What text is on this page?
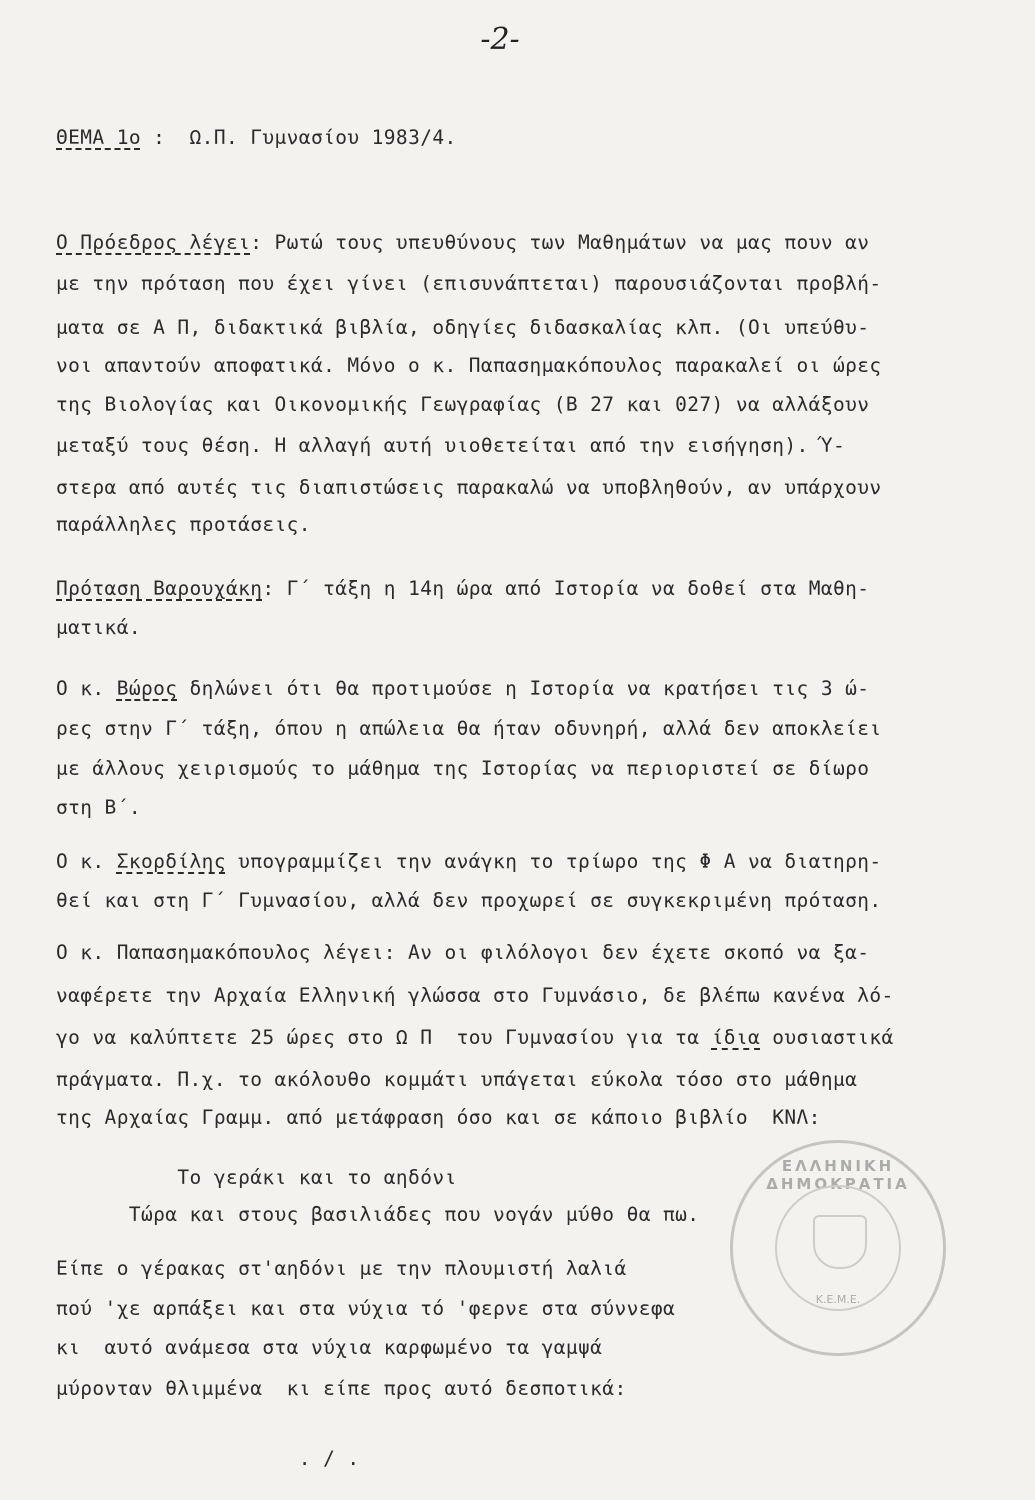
-2-
ΘΕΜΑ 1ο :  Ω.Π. Γυμνασίου 1983/4.
Ο Πρόεδρος λέγει: Ρωτώ τους υπευθύνους των Μαθημάτων να μας πουν αν
με την πρόταση που έχει γίνει (επισυνάπτεται) παρουσιάζονται προβλή-
ματα σε Α Π, διδακτικά βιβλία, οδηγίες διδασκαλίας κλπ. (Οι υπεύθυ-
νοι απαντούν αποφατικά. Μόνο ο κ. Παπασημακόπουλος παρακαλεί οι ώρες
της Βιολογίας και Οικονομικής Γεωγραφίας (Β 27 και 027) να αλλάξουν
μεταξύ τους θέση. Η αλλαγή αυτή υιοθετείται από την εισήγηση). Ύ-
στερα από αυτές τις διαπιστώσεις παρακαλώ να υποβληθούν, αν υπάρχουν
παράλληλες προτάσεις.
Πρόταση Βαρουχάκη: Γ΄ τάξη η 14η ώρα από Ιστορία να δοθεί στα Μαθη-
ματικά.
Ο κ. Βώρος δηλώνει ότι θα προτιμούσε η Ιστορία να κρατήσει τις 3 ώ-
ρες στην Γ΄ τάξη, όπου η απώλεια θα ήταν οδυνηρή, αλλά δεν αποκλείει
με άλλους χειρισμούς το μάθημα της Ιστορίας να περιοριστεί σε δίωρο
στη Β΄.
Ο κ. Σκορδίλης υπογραμμίζει την ανάγκη το τρίωρο της Φ Α να διατηρη-
θεί και στη Γ΄ Γυμνασίου, αλλά δεν προχωρεί σε συγκεκριμένη πρόταση.
Ο κ. Παπασημακόπουλος λέγει: Αν οι φιλόλογοι δεν έχετε σκοπό να ξα-
ναφέρετε την Αρχαία Ελληνική γλώσσα στο Γυμνάσιο, δε βλέπω κανένα λό-
γο να καλύπτετε 25 ώρες στο Ω Π  του Γυμνασίου για τα ίδια ουσιαστικά
πράγματα. Π.χ. το ακόλουθο κομμάτι υπάγεται εύκολα τόσο στο μάθημα
της Αρχαίας Γραμμ. από μετάφραση όσο και σε κάποιο βιβλίο  ΚΝΛ:
Το γεράκι και το αηδόνι
Τώρα και στους βασιλιάδες που νογάν μύθο θα πω.
Είπε ο γέρακας στ'αηδόνι με την πλουμιστή λαλιά
πού 'χε αρπάξει και στα νύχια τό 'φερνε στα σύννεφα
κι  αυτό ανάμεσα στα νύχια καρφωμένο τα γαμψά
μύρονταν θλιμμένα  κι είπε προς αυτό δεσποτικά:
. / .
ΕΛΛΗΝΙΚΗ ΔΗΜΟΚΡΑΤΙΑ
Κ.Ε.Μ.Ε.
